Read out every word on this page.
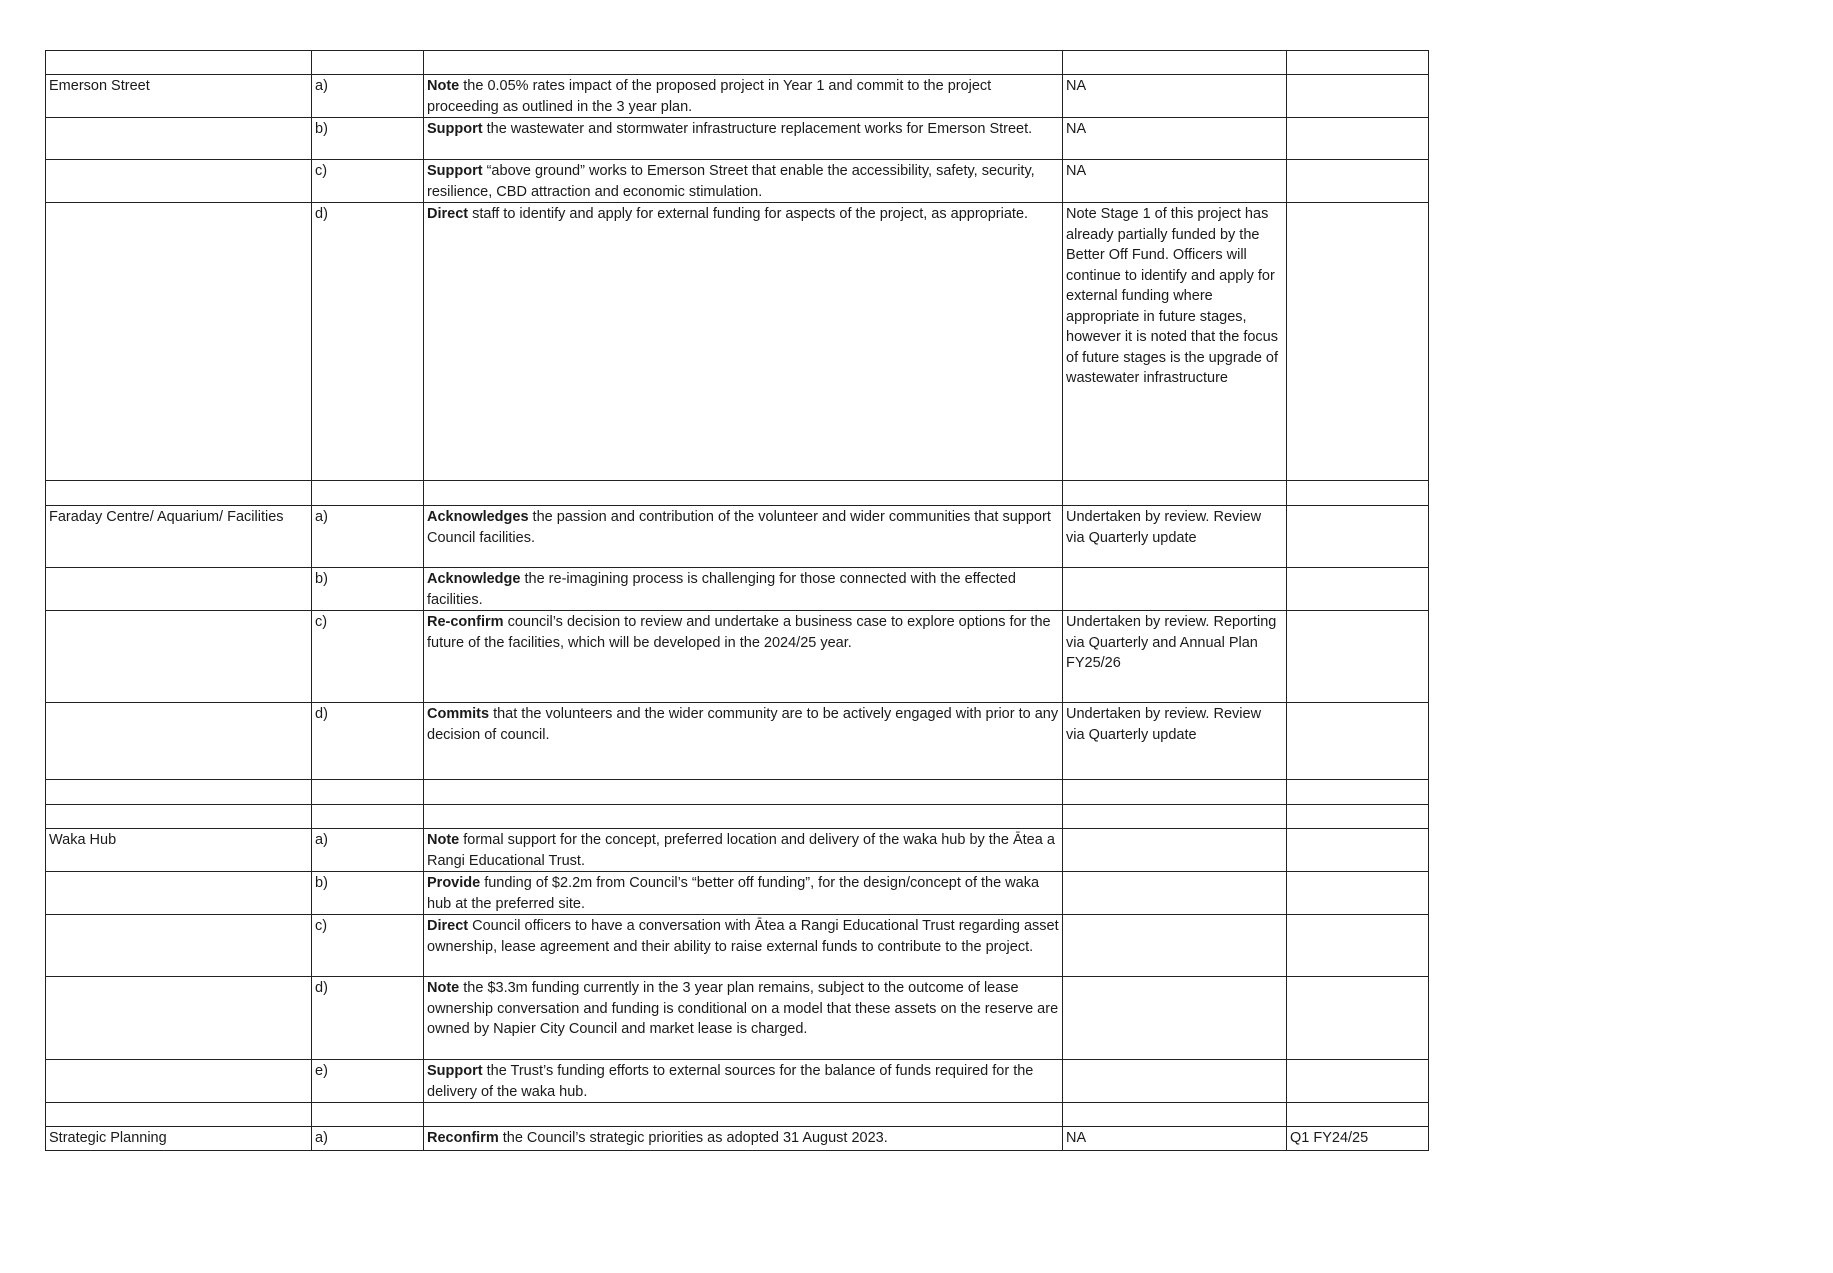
Emerson Street	a)	Note the 0.05% rates impact of the proposed project in Year 1 and commit to the project proceeding as outlined in the 3 year plan.	NA	
	b)	Support the wastewater and stormwater infrastructure replacement works for Emerson Street.	NA	
	c)	Support “above ground” works to Emerson Street that enable the accessibility, safety, security, resilience, CBD attraction and economic stimulation.	NA	
	d)	Direct staff to identify and apply for external funding for aspects of the project, as appropriate.	Note Stage 1 of this project has already partially funded by the Better Off Fund. Officers will continue to identify and apply for external funding where appropriate in future stages, however it is noted that the focus of future stages is the upgrade of wastewater infrastructure	

Faraday Centre/ Aquarium/ Facilities	a)	Acknowledges the passion and contribution of the volunteer and wider communities that support Council facilities.	Undertaken by review. Review via Quarterly update	
	b)	Acknowledge the re-imagining process is challenging for those connected with the effected facilities.		
	c)	Re-confirm council’s decision to review and undertake a business case to explore options for the future of the facilities, which will be developed in the 2024/25 year.	Undertaken by review. Reporting via Quarterly and Annual Plan FY25/26	
	d)	Commits that the volunteers and the wider community are to be actively engaged with prior to any decision of council.	Undertaken by review. Review via Quarterly update	

Waka Hub	a)	Note formal support for the concept, preferred location and delivery of the waka hub by the Ātea a Rangi Educational Trust.		
	b)	Provide funding of $2.2m from Council’s “better off funding”, for the design/concept of the waka hub at the preferred site.		
	c)	Direct Council officers to have a conversation with Ātea a Rangi Educational Trust regarding asset ownership, lease agreement and their ability to raise external funds to contribute to the project.		
	d)	Note the $3.3m funding currently in the 3 year plan remains, subject to the outcome of lease ownership conversation and funding is conditional on a model that these assets on the reserve are owned by Napier City Council and market lease is charged.		
	e)	Support the Trust’s funding efforts to external sources for the balance of funds required for the delivery of the waka hub.		

Strategic Planning	a)	Reconfirm the Council’s strategic priorities as adopted 31 August 2023.	NA	Q1 FY24/25
